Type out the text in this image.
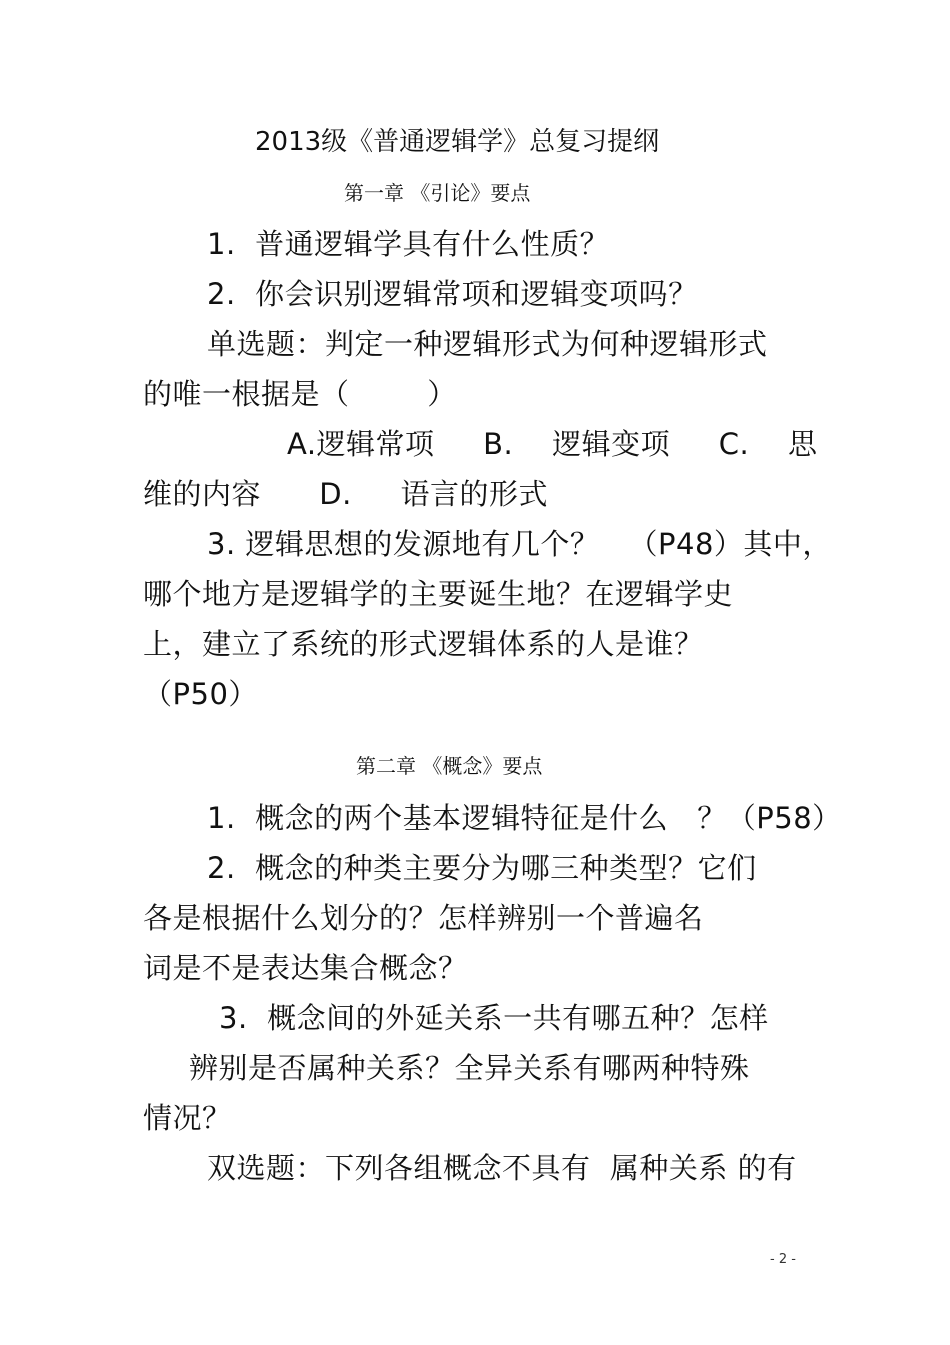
2013级《普通逻辑学》总复习提纲
第一章 《引论》要点
1.  普通逻辑学具有什么性质？
2.  你会识别逻辑常项和逻辑变项吗？
单选题：判定一种逻辑形式为何种逻辑形式
的唯一根据是（        ）
A.逻辑常项     B.    逻辑变项     C.    思
维的内容      D.     语言的形式
3. 逻辑思想的发源地有几个？   （P48）其中，
哪个地方是逻辑学的主要诞生地？在逻辑学史
上，建立了系统的形式逻辑体系的人是谁？
（P50）
第二章 《概念》要点
1.  概念的两个基本逻辑特征是什么   ？（P58）
2.  概念的种类主要分为哪三种类型？它们
各是根据什么划分的？怎样辨别一个普遍名
词是不是表达集合概念？
3.  概念间的外延关系一共有哪五种？怎样
辨别是否属种关系？全异关系有哪两种特殊
情况？
双选题：下列各组概念不具有  属种关系 的有
- 2 -
